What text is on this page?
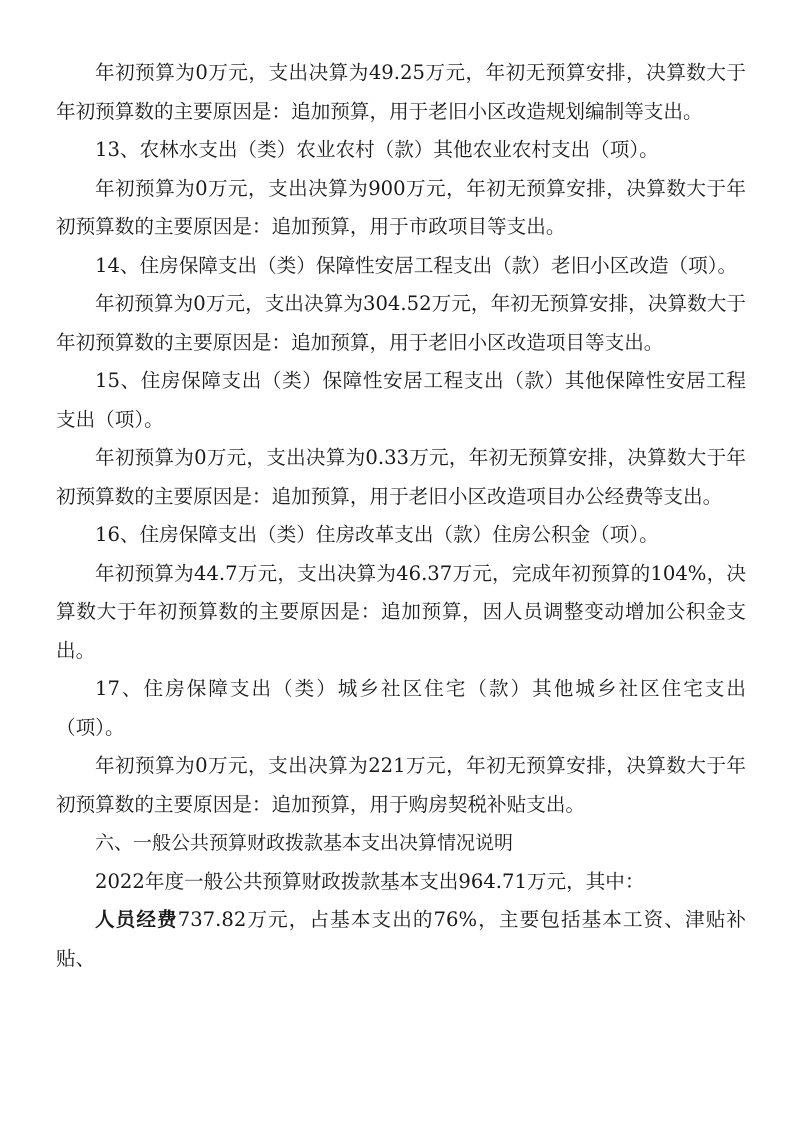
年初预算为0万元，支出决算为49.25万元，年初无预算安排，决算数大于年初预算数的主要原因是：追加预算，用于老旧小区改造规划编制等支出。

13、农林水支出（类）农业农村（款）其他农业农村支出（项）。

年初预算为0万元，支出决算为900万元，年初无预算安排，决算数大于年初预算数的主要原因是：追加预算，用于市政项目等支出。

14、住房保障支出（类）保障性安居工程支出（款）老旧小区改造（项）。

年初预算为0万元，支出决算为304.52万元，年初无预算安排，决算数大于年初预算数的主要原因是：追加预算，用于老旧小区改造项目等支出。

15、住房保障支出（类）保障性安居工程支出（款）其他保障性安居工程支出（项）。

年初预算为0万元，支出决算为0.33万元，年初无预算安排，决算数大于年初预算数的主要原因是：追加预算，用于老旧小区改造项目办公经费等支出。

16、住房保障支出（类）住房改革支出（款）住房公积金（项）。

年初预算为44.7万元，支出决算为46.37万元，完成年初预算的104%，决算数大于年初预算数的主要原因是：追加预算，因人员调整变动增加公积金支出。

17、住房保障支出（类）城乡社区住宅（款）其他城乡社区住宅支出（项）。

年初预算为0万元，支出决算为221万元，年初无预算安排，决算数大于年初预算数的主要原因是：追加预算，用于购房契税补贴支出。

六、一般公共预算财政拨款基本支出决算情况说明

2022年度一般公共预算财政拨款基本支出964.71万元，其中：

人员经费737.82万元，占基本支出的76%，主要包括基本工资、津贴补贴、
